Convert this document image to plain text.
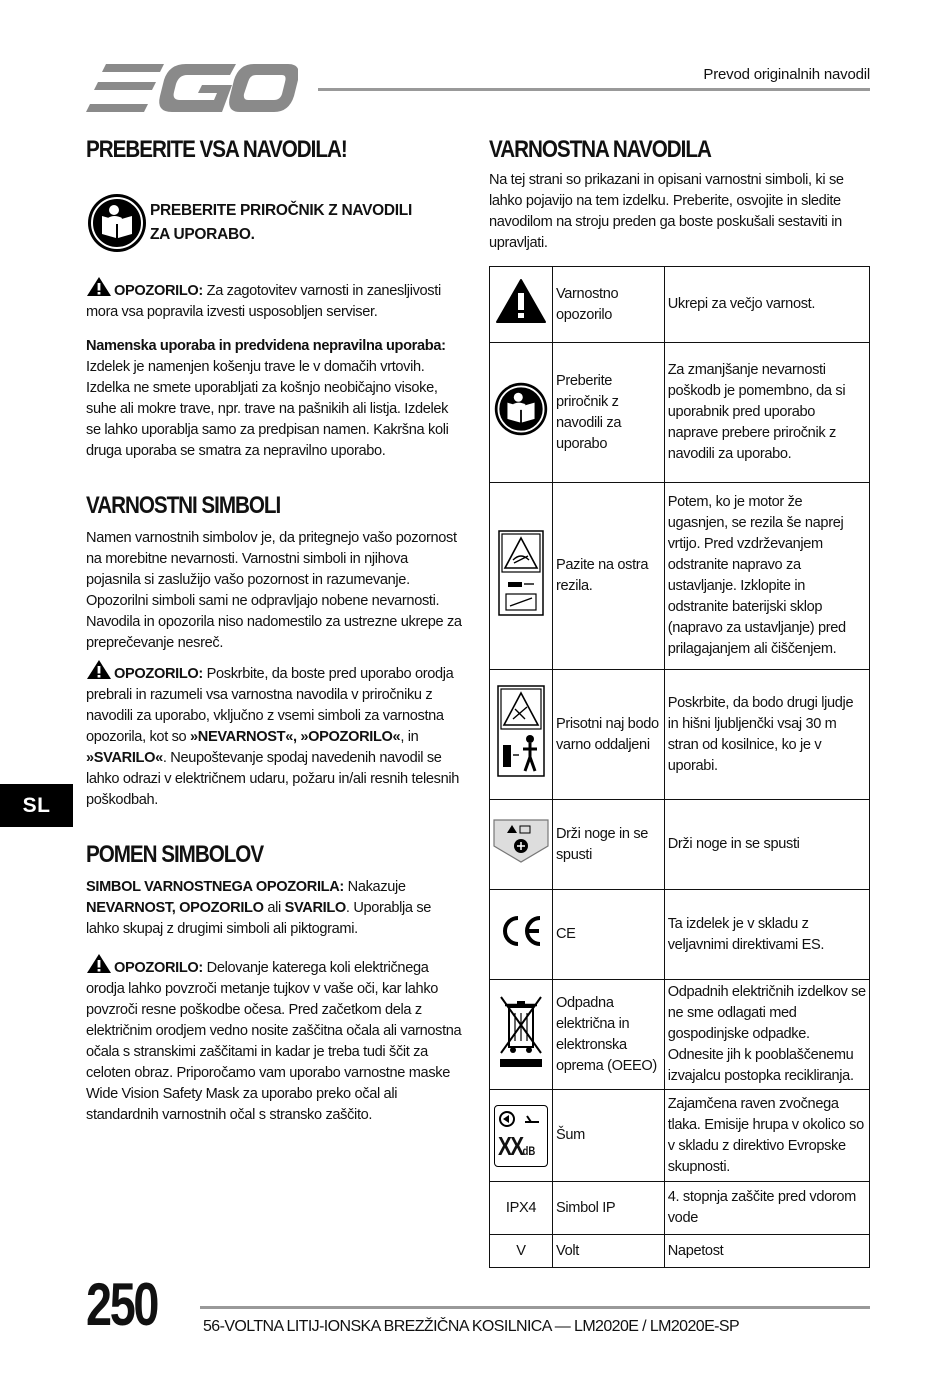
Prevod originalnih navodil
PREBERITE VSA NAVODILA!
PREBERITE PRIROČNIK Z NAVODILI
ZA UPORABO.

OPOZORILO: Za zagotovitev varnosti in zanesljivosti mora vsa popravila izvesti usposobljen serviser.

Namenska uporaba in predvidena nepravilna uporaba: Izdelek je namenjen košenju trave le v domačih vrtovih. Izdelka ne smete uporabljati za košnjo neobičajno visoke, suhe ali mokre trave, npr. trave na pašnikih ali listja. Izdelek se lahko uporablja samo za predpisan namen. Kakršna koli druga uporaba se smatra za nepravilno uporabo.

VARNOSTNI SIMBOLI

Namen varnostnih simbolov je, da pritegnejo vašo pozornost na morebitne nevarnosti. Varnostni simboli in njihova pojasnila si zaslužijo vašo pozornost in razumevanje. Opozorilni simboli sami ne odpravljajo nobene nevarnosti. Navodila in opozorila niso nadomestilo za ustrezne ukrepe za preprečevanje nesreč.

OPOZORILO: Poskrbite, da boste pred uporabo orodja prebrali in razumeli vsa varnostna navodila v priročniku z navodili za uporabo, vključno z vsemi simboli za varnostna opozorila, kot so »NEVARNOST«, »OPOZORILO«, in »SVARILO«. Neupoštevanje spodaj navedenih navodil se lahko odrazi v električnem udaru, požaru in/ali resnih telesnih poškodbah.

POMEN SIMBOLOV

SIMBOL VARNOSTNEGA OPOZORILA: Nakazuje NEVARNOST, OPOZORILO ali SVARILO. Uporablja se lahko skupaj z drugimi simboli ali piktogrami.

OPOZORILO: Delovanje katerega koli električnega orodja lahko povzroči metanje tujkov v vaše oči, kar lahko povzroči resne poškodbe očesa. Pred začetkom dela z električnim orodjem vedno nosite zaščitna očala ali varnostna očala s stranskimi zaščitami in kadar je treba tudi ščit za celoten obraz. Priporočamo vam uporabo varnostne maske Wide Vision Safety Mask za uporabo preko očal ali standardnih varnostnih očal s stransko zaščito.

VARNOSTNA NAVODILA

Na tej strani so prikazani in opisani varnostni simboli, ki se lahko pojavijo na tem izdelku. Preberite, osvojite in sledite navodilom na stroju preden ga boste poskušali sestaviti in upravljati.

	Varnostno opozorilo	Ukrepi za večjo varnost.
	Preberite priročnik z navodili za uporabo	Za zmanjšanje nevarnosti poškodb je pomembno, da si uporabnik pred uporabo naprave prebere priročnik z navodili za uporabo.
	Pazite na ostra rezila.	Potem, ko je motor že ugasnjen, se rezila še naprej vrtijo. Pred vzdrževanjem odstranite napravo za ustavljanje. Izklopite in odstranite baterijski sklop (napravo za ustavljanje) pred prilagajanjem ali čiščenjem.
	Prisotni naj bodo varno oddaljeni	Poskrbite, da bodo drugi ljudje in hišni ljubljenčki vsaj 30 m stran od kosilnice, ko je v uporabi.
	Drži noge in se spusti	Drži noge in se spusti
	CE	Ta izdelek je v skladu z veljavnimi direktivami ES.
	Odpadna električna in elektronska oprema (OEEO)	Odpadnih električnih izdelkov se ne sme odlagati med gospodinjske odpadke. Odnesite jih k pooblaščenemu izvajalcu postopka recikliranja.

XXdB	Šum	Zajamčena raven zvočnega tlaka. Emisije hrupa v okolico so v skladu z direktivo Evropske skupnosti.
IPX4	Simbol IP	4. stopnja zaščite pred vdorom vode
V	Volt	Napetost
SL
250	56-VOLTNA LITIJ-IONSKA BREZŽIČNA KOSILNICA — LM2020E / LM2020E-SP
